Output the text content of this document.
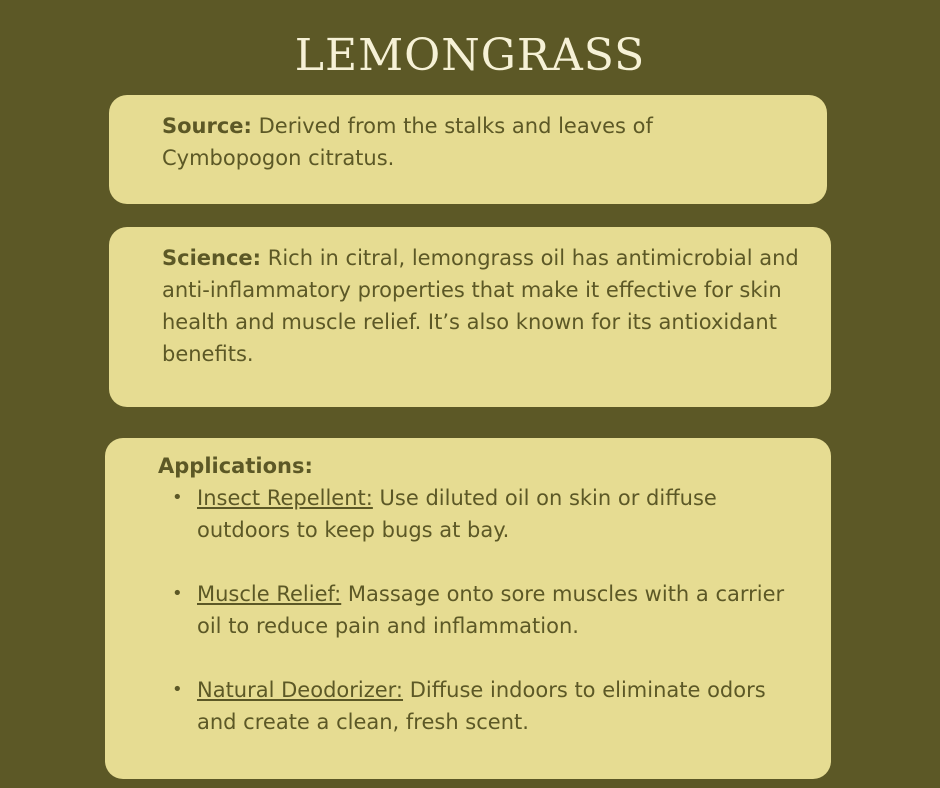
LEMONGRASS

Source: Derived from the stalks and leaves of Cymbopogon citratus.

Science: Rich in citral, lemongrass oil has antimicrobial and anti-inflammatory properties that make it effective for skin health and muscle relief. It’s also known for its antioxidant benefits.

Applications:

• Insect Repellent: Use diluted oil on skin or diffuse outdoors to keep bugs at bay.
• Muscle Relief: Massage onto sore muscles with a carrier oil to reduce pain and inflammation.
• Natural Deodorizer: Diffuse indoors to eliminate odors and create a clean, fresh scent.
